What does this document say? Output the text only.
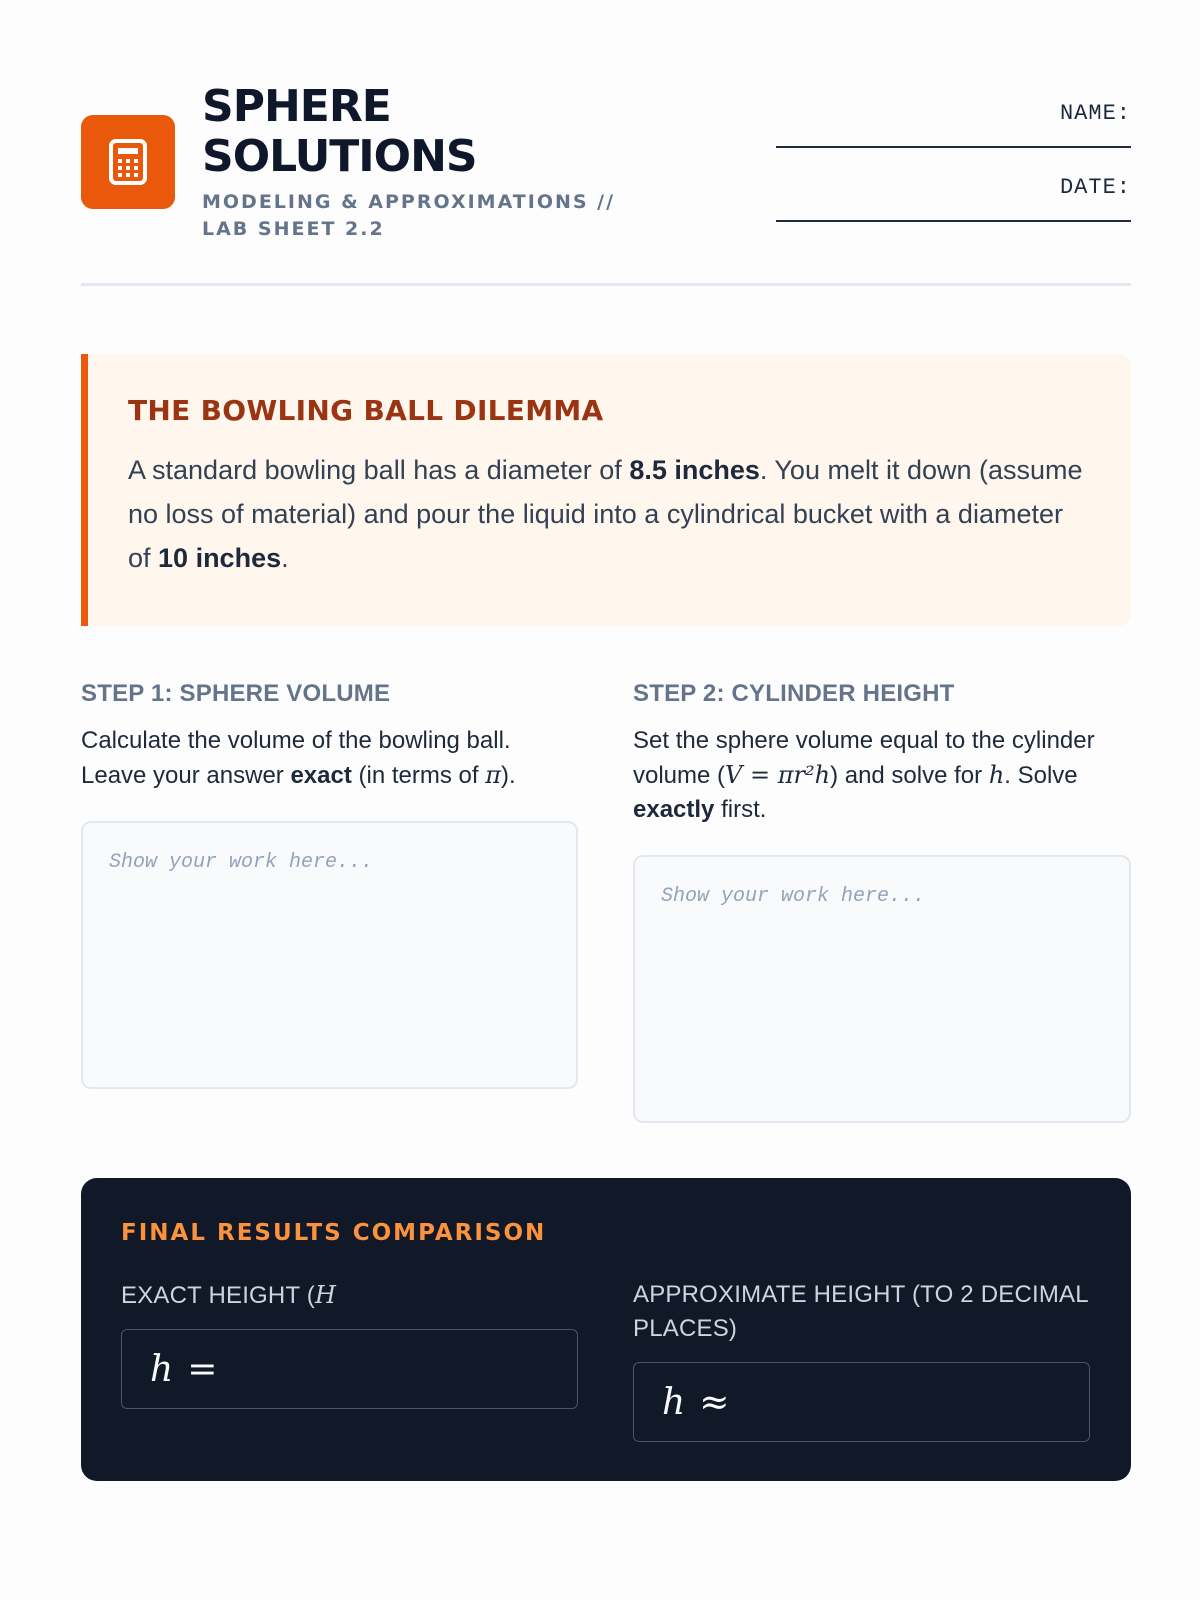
SPHERE
SOLUTIONS
MODELING & APPROXIMATIONS // LAB SHEET 2.2
NAME:
DATE:
THE BOWLING BALL DILEMMA

A standard bowling ball has a diameter of 8.5 inches. You melt it down (assume no loss of material) and pour the liquid into a cylindrical bucket with a diameter of 10 inches.

STEP 1: SPHERE VOLUME

Calculate the volume of the bowling ball. Leave your answer exact (in terms of π).

Show your work here...
STEP 2: CYLINDER HEIGHT

Set the sphere volume equal to the cylinder volume (V = πr²h) and solve for h. Solve exactly first.

Show your work here...
FINAL RESULTS COMPARISON
EXACT HEIGHT (H
h =
APPROXIMATE HEIGHT (TO 2 DECIMAL PLACES)
h ≈
